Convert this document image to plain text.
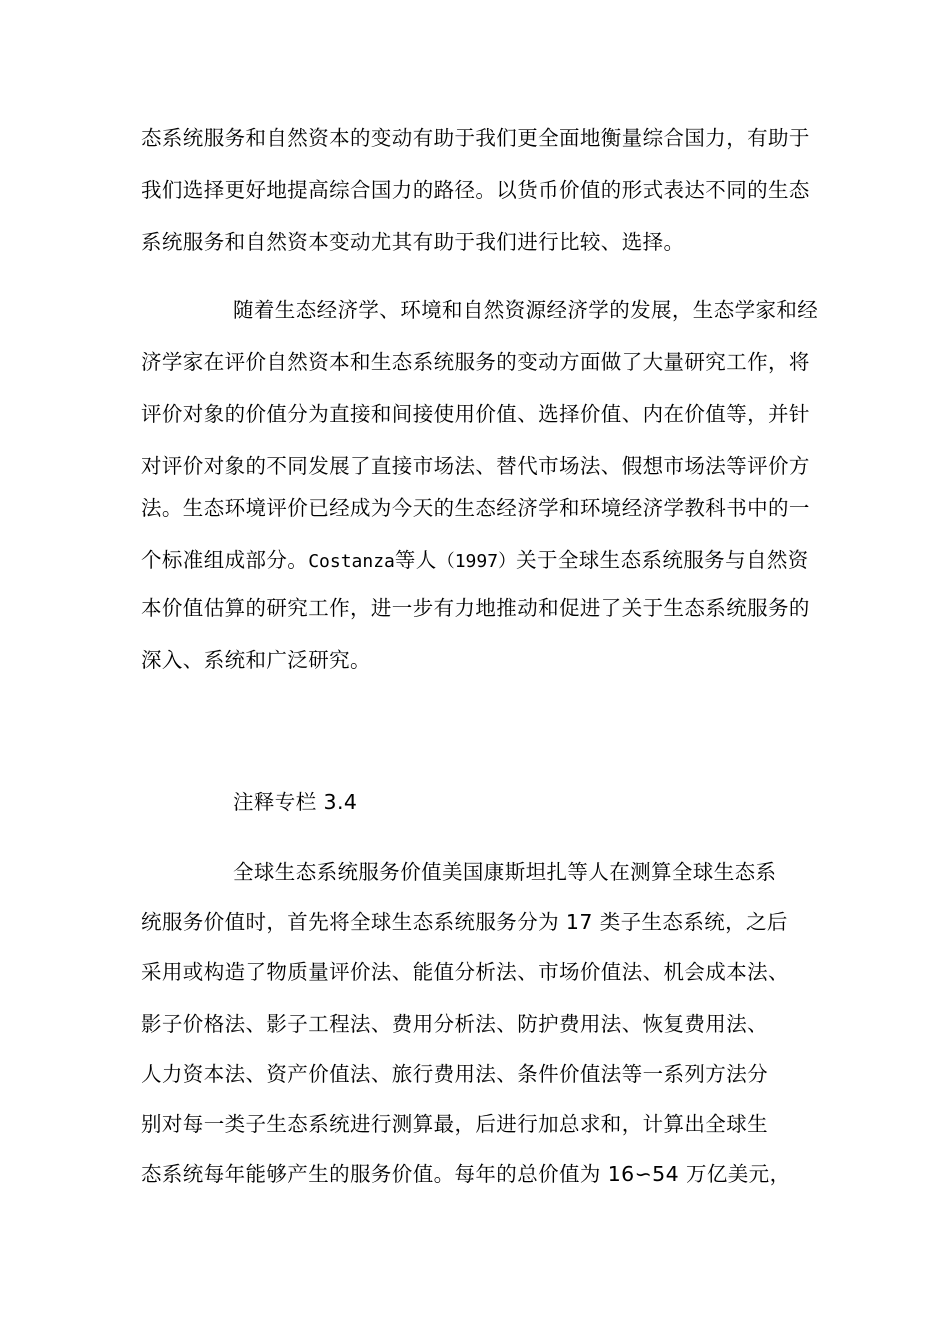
态系统服务和自然资本的变动有助于我们更全面地衡量综合国力，有助于
我们选择更好地提高综合国力的路径。以货币价值的形式表达不同的生态
系统服务和自然资本变动尤其有助于我们进行比较、选择。
随着生态经济学、环境和自然资源经济学的发展，生态学家和经
济学家在评价自然资本和生态系统服务的变动方面做了大量研究工作，将
评价对象的价值分为直接和间接使用价值、选择价值、内在价值等，并针
对评价对象的不同发展了直接市场法、替代市场法、假想市场法等评价方
法。生态环境评价已经成为今天的生态经济学和环境经济学教科书中的一
个标准组成部分。Costanza等人（1997）关于全球生态系统服务与自然资
本价值估算的研究工作，进一步有力地推动和促进了关于生态系统服务的
深入、系统和广泛研究。
注释专栏 3.4
全球生态系统服务价值美国康斯坦扎等人在测算全球生态系
统服务价值时，首先将全球生态系统服务分为 17 类子生态系统，之后
采用或构造了物质量评价法、能值分析法、市场价值法、机会成本法、
影子价格法、影子工程法、费用分析法、防护费用法、恢复费用法、
人力资本法、资产价值法、旅行费用法、条件价值法等一系列方法分
别对每一类子生态系统进行测算最，后进行加总求和，计算出全球生
态系统每年能够产生的服务价值。每年的总价值为 16∽54 万亿美元，
